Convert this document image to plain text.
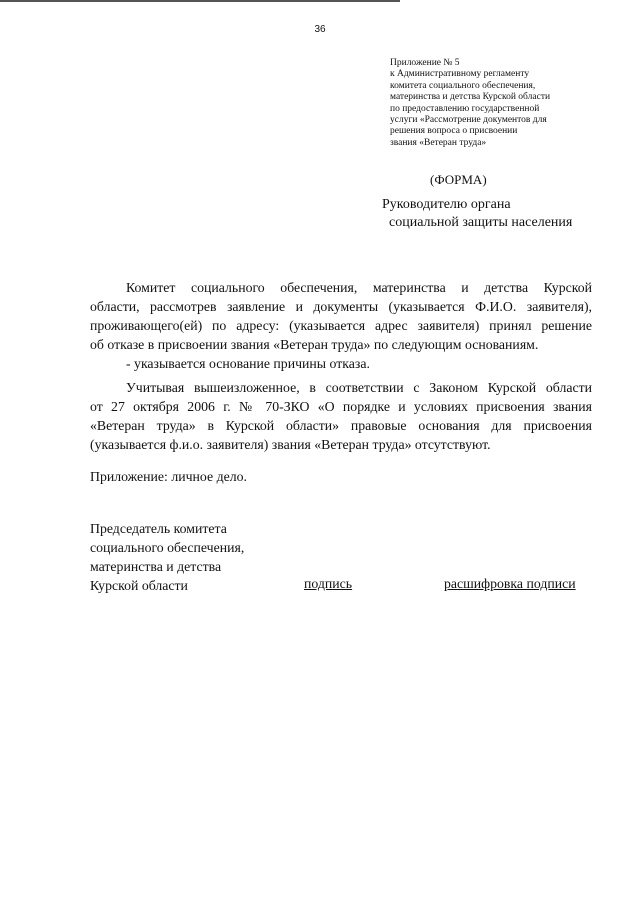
36
Приложение № 5
к Административному регламенту
комитета социального обеспечения,
материнства и детства Курской области
по предоставлению государственной
услуги «Рассмотрение документов для
решения вопроса о присвоении
звания «Ветеран труда»
(ФОРМА)
Руководителю органа
социальной защиты населения
Комитет социального обеспечения, материнства и детства Курской
области, рассмотрев заявление и документы (указывается Ф.И.О. заявителя),
проживающего(ей) по адресу: (указывается адрес заявителя) принял решение
об отказе в присвоении звания «Ветеран труда» по следующим основаниям.
- указывается основание причины отказа.
Учитывая вышеизложенное, в соответствии с Законом Курской области
от 27 октября 2006 г. № 70-ЗКО «О порядке и условиях присвоения звания
«Ветеран труда» в Курской области» правовые основания для присвоения
(указывается ф.и.о. заявителя) звания «Ветеран труда» отсутствуют.
Приложение: личное дело.
Председатель комитета
социального обеспечения,
материнства и детства
Курской области	подпись	расшифровка подписи
